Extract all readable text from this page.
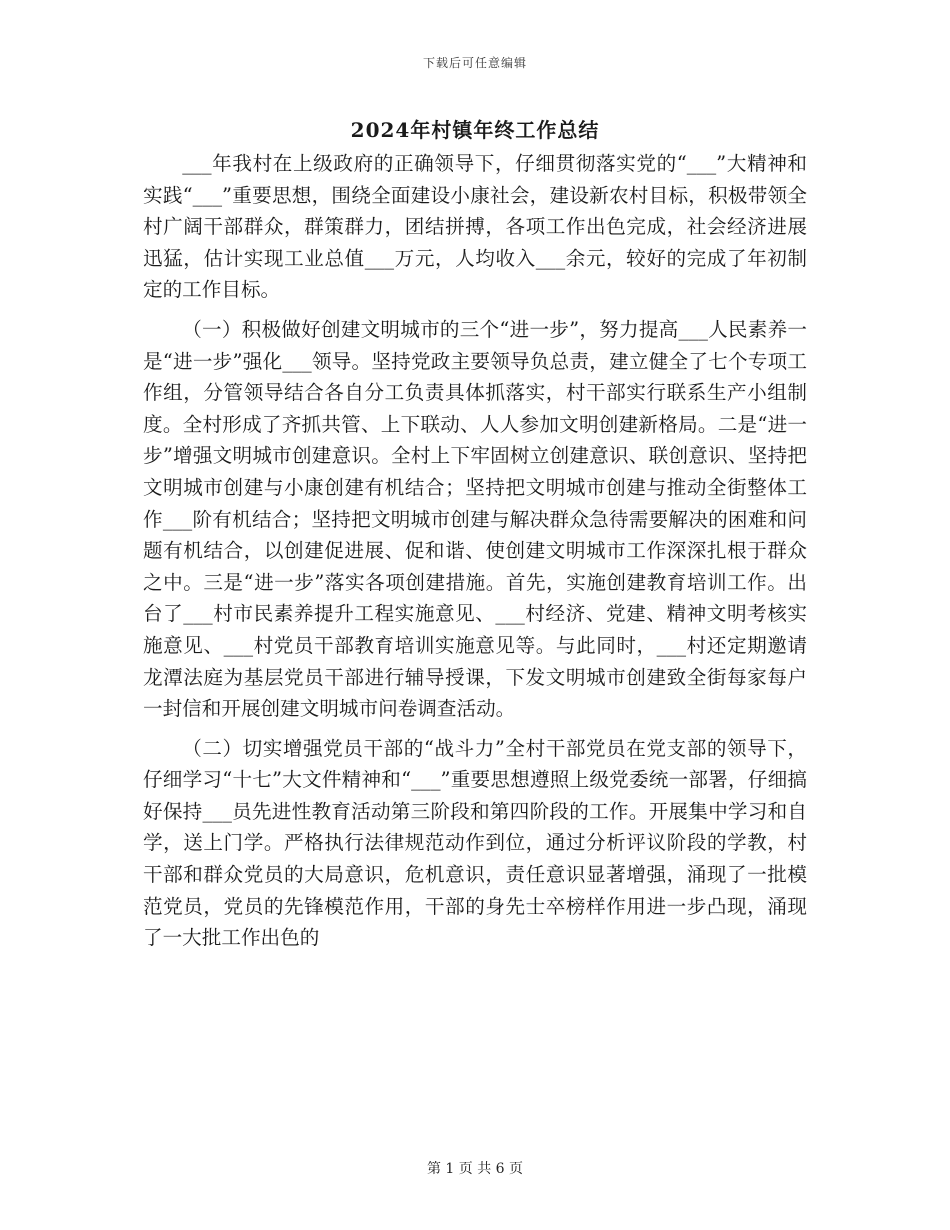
下载后可任意编辑
2024年村镇年终工作总结

___年我村在上级政府的正确领导下，仔细贯彻落实党的“___”大精神和实践“___”重要思想，围绕全面建设小康社会，建设新农村目标，积极带领全村广阔干部群众，群策群力，团结拼搏，各项工作出色完成，社会经济进展迅猛，估计实现工业总值___万元，人均收入___余元，较好的完成了年初制定的工作目标。

（一）积极做好创建文明城市的三个“进一步”，努力提高___人民素养一是“进一步”强化___领导。坚持党政主要领导负总责，建立健全了七个专项工作组，分管领导结合各自分工负责具体抓落实，村干部实行联系生产小组制度。全村形成了齐抓共管、上下联动、人人参加文明创建新格局。二是“进一步”增强文明城市创建意识。全村上下牢固树立创建意识、联创意识、坚持把文明城市创建与小康创建有机结合；坚持把文明城市创建与推动全街整体工作___阶有机结合；坚持把文明城市创建与解决群众急待需要解决的困难和问题有机结合，以创建促进展、促和谐、使创建文明城市工作深深扎根于群众之中。三是“进一步”落实各项创建措施。首先，实施创建教育培训工作。出台了___村市民素养提升工程实施意见、___村经济、党建、精神文明考核实施意见、___村党员干部教育培训实施意见等。与此同时，___村还定期邀请龙潭法庭为基层党员干部进行辅导授课，下发文明城市创建致全街每家每户一封信和开展创建文明城市问卷调查活动。

（二）切实增强党员干部的“战斗力”全村干部党员在党支部的领导下，仔细学习“十七”大文件精神和“___”重要思想遵照上级党委统一部署，仔细搞好保持___员先进性教育活动第三阶段和第四阶段的工作。开展集中学习和自学，送上门学。严格执行法律规范动作到位，通过分析评议阶段的学教，村干部和群众党员的大局意识，危机意识，责任意识显著增强，涌现了一批模范党员，党员的先锋模范作用，干部的身先士卒榜样作用进一步凸现，涌现了一大批工作出色的

第 1 页 共 6 页
